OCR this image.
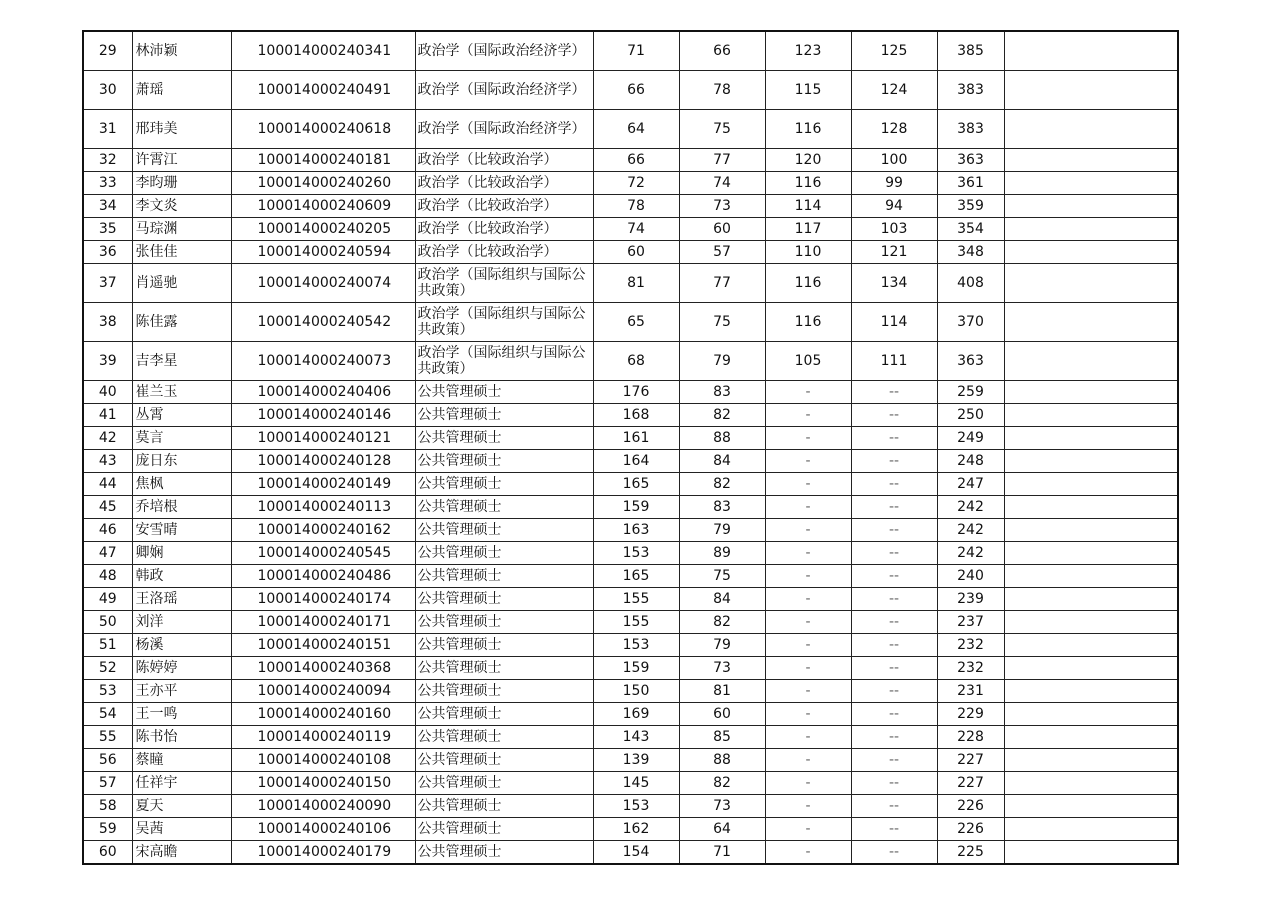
29	林沛颖	100014000240341	政治学（国际政治经济学）	71	66	123	125	385	
30	萧瑶	100014000240491	政治学（国际政治经济学）	66	78	115	124	383	
31	邢玮美	100014000240618	政治学（国际政治经济学）	64	75	116	128	383	
32	许霄江	100014000240181	政治学（比较政治学）	66	77	120	100	363	
33	李昀珊	100014000240260	政治学（比较政治学）	72	74	116	99	361	
34	李文炎	100014000240609	政治学（比较政治学）	78	73	114	94	359	
35	马琮渊	100014000240205	政治学（比较政治学）	74	60	117	103	354	
36	张佳佳	100014000240594	政治学（比较政治学）	60	57	110	121	348	
37	肖遥驰	100014000240074	政治学（国际组织与国际公共政策）	81	77	116	134	408	
38	陈佳露	100014000240542	政治学（国际组织与国际公共政策）	65	75	116	114	370	
39	吉李星	100014000240073	政治学（国际组织与国际公共政策）	68	79	105	111	363	
40	崔兰玉	100014000240406	公共管理硕士	176	83	-	--	259	
41	丛霄	100014000240146	公共管理硕士	168	82	-	--	250	
42	莫言	100014000240121	公共管理硕士	161	88	-	--	249	
43	庞日东	100014000240128	公共管理硕士	164	84	-	--	248	
44	焦枫	100014000240149	公共管理硕士	165	82	-	--	247	
45	乔培根	100014000240113	公共管理硕士	159	83	-	--	242	
46	安雪晴	100014000240162	公共管理硕士	163	79	-	--	242	
47	卿娴	100014000240545	公共管理硕士	153	89	-	--	242	
48	韩政	100014000240486	公共管理硕士	165	75	-	--	240	
49	王洛瑶	100014000240174	公共管理硕士	155	84	-	--	239	
50	刘洋	100014000240171	公共管理硕士	155	82	-	--	237	
51	杨溪	100014000240151	公共管理硕士	153	79	-	--	232	
52	陈婷婷	100014000240368	公共管理硕士	159	73	-	--	232	
53	王亦平	100014000240094	公共管理硕士	150	81	-	--	231	
54	王一鸣	100014000240160	公共管理硕士	169	60	-	--	229	
55	陈书怡	100014000240119	公共管理硕士	143	85	-	--	228	
56	蔡瞳	100014000240108	公共管理硕士	139	88	-	--	227	
57	任祥宇	100014000240150	公共管理硕士	145	82	-	--	227	
58	夏天	100014000240090	公共管理硕士	153	73	-	--	226	
59	吴茜	100014000240106	公共管理硕士	162	64	-	--	226	
60	宋高瞻	100014000240179	公共管理硕士	154	71	-	--	225	
